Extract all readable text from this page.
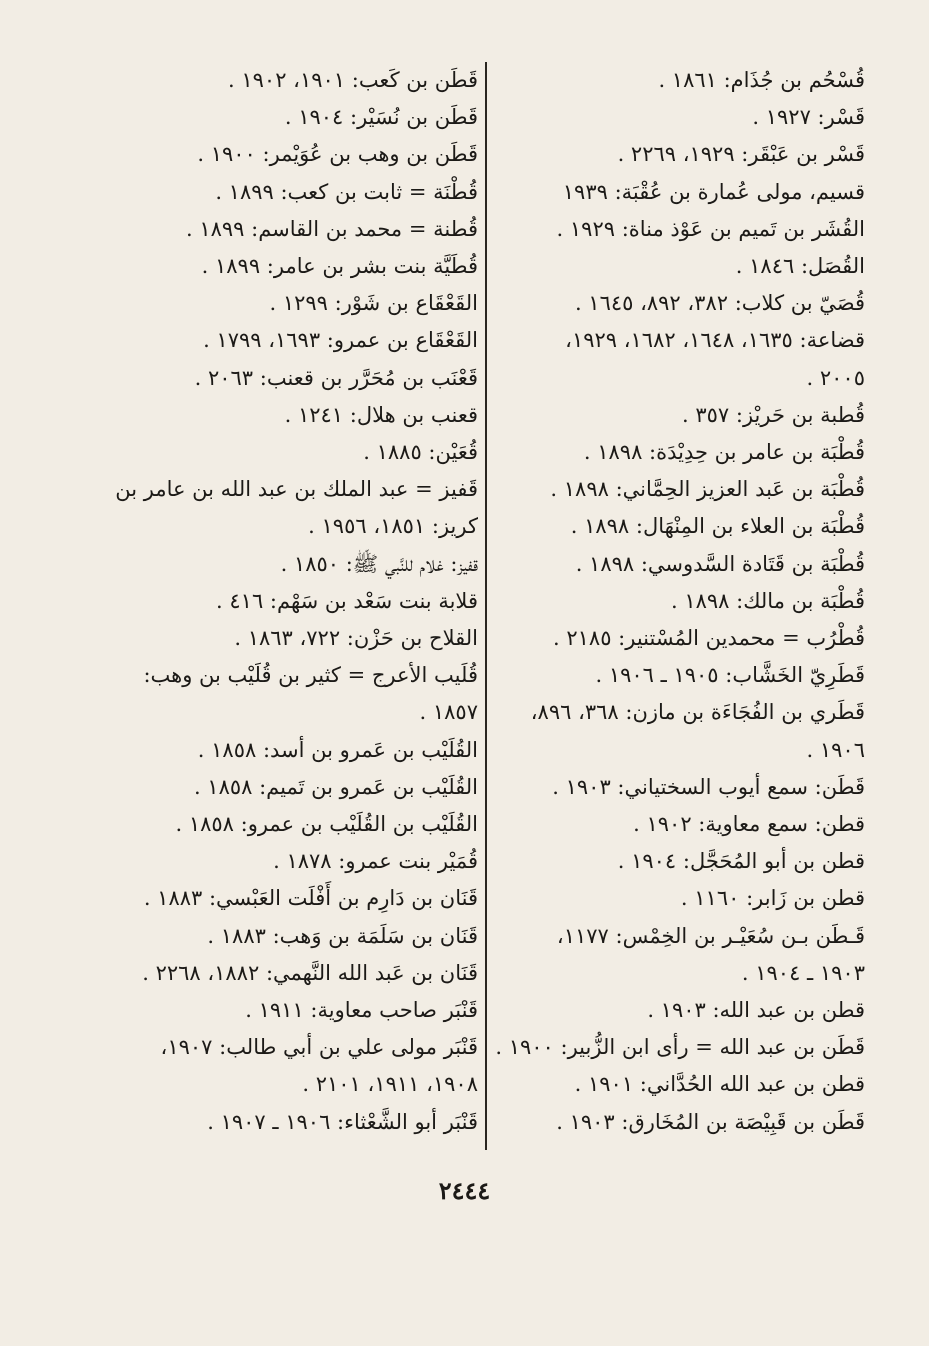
قُسْحُم بن جُذَام: ١٨٦١ .
قَسْر: ١٩٢٧ .
قَسْر بن عَبْقَر: ١٩٢٩، ٢٢٦٩ .
قسيم، مولى عُمارة بن عُقْبَة: ١٩٣٩
القُشَر بن تَميم بن عَوْذ مناة: ١٩٢٩ .
القُصَل: ١٨٤٦ .
قُصَيّ بن كلاب: ٣٨٢، ٨٩٢، ١٦٤٥ .
قضاعة: ١٦٣٥، ١٦٤٨، ١٦٨٢، ١٩٢٩،
٢٠٠٥ .
قُطبة بن حَريْز: ٣٥٧ .
قُطْبَة بن عامر بن حِدِيْدَة: ١٨٩٨ .
قُطْبَة بن عَبد العزيز الحِمَّاني: ١٨٩٨ .
قُطْبَة بن العلاء بن المِنْهَال: ١٨٩٨ .
قُطْبَة بن قَتَادة السَّدوسي: ١٨٩٨ .
قُطْبَة بن مالك: ١٨٩٨ .
قُطْرُب = محمدين المُسْتنير: ٢١٨٥ .
قَطَرِيّ الخَشَّاب: ١٩٠٥ ـ ١٩٠٦ .
قَطَري بن الفُجَاءَة بن مازن: ٣٦٨، ٨٩٦،
١٩٠٦ .
قَطَن: سمع أيوب السختياني: ١٩٠٣ .
قطن: سمع معاوية: ١٩٠٢ .
قطن بن أبو المُحَجَّل: ١٩٠٤ .
قطن بن زَابر: ١١٦٠ .
قَـطَن بـن سُعَيْـر بن الخِمْس: ١١٧٧،
١٩٠٣ ـ ١٩٠٤ .
قطن بن عبد الله: ١٩٠٣ .
قَطَن بن عبد الله = رأى ابن الزُّبير: ١٩٠٠ .
قطن بن عبد الله الحُدَّاني: ١٩٠١ .
قَطَن بن قَبِيْصَة بن المُخَارق: ١٩٠٣ .
قَطَن بن كَعب: ١٩٠١، ١٩٠٢ .
قَطَن بن نُسَيْر: ١٩٠٤ .
قَطَن بن وهب بن عُوَيْمر: ١٩٠٠ .
قُطْنَة = ثابت بن كعب: ١٨٩٩ .
قُطنة = محمد بن القاسم: ١٨٩٩ .
قُطَيَّة بنت بشر بن عامر: ١٨٩٩ .
القَعْقَاع بن شَوْر: ١٢٩٩ .
القَعْقَاع بن عمرو: ١٦٩٣، ١٧٩٩ .
قَعْنَب بن مُحَرَّر بن قعنب: ٢٠٦٣ .
قعنب بن هلال: ١٢٤١ .
قُعَيْن: ١٨٨٥ .
قَفيز = عبد الملك بن عبد الله بن عامر بن
كريز: ١٨٥١، ١٩٥٦ .
قفيز: غلام للنَّبي ﷺ: ١٨٥٠ .
قلابة بنت سَعْد بن سَهْم: ٤١٦ .
القلاح بن حَزْن: ٧٢٢، ١٨٦٣ .
قُلَيب الأعرج = كثير بن قُلَيْب بن وهب:
١٨٥٧ .
القُلَيْب بن عَمرو بن أسد: ١٨٥٨ .
القُلَيْب بن عَمرو بن تَميم: ١٨٥٨ .
القُلَيْب بن القُلَيْب بن عمرو: ١٨٥٨ .
قُمَيْر بنت عمرو: ١٨٧٨ .
قَنَان بن دَارِم بن أَفْلَت العَبْسي: ١٨٨٣ .
قَنَان بن سَلَمَة بن وَهب: ١٨٨٣ .
قَنَان بن عَبد الله النَّهمي: ١٨٨٢، ٢٢٦٨ .
قَنْبَر صاحب معاوية: ١٩١١ .
قَنْبَر مولى علي بن أبي طالب: ١٩٠٧،
١٩٠٨، ١٩١١، ٢١٠١ .
قَنْبَر أبو الشَّعْثاء: ١٩٠٦ ـ ١٩٠٧ .
٢٤٤٤
